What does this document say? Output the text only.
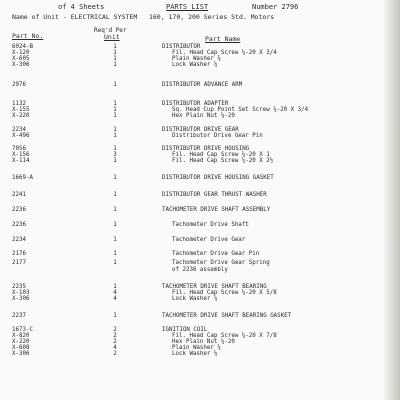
of 4 Sheets	PARTS LIST	Number 2796
Name of Unit - ELECTRICAL SYSTEM   160, 170, 200 Series Std. Motors
Part No.
Req'd Per
Unit	Part Name
6024-B	1	DISTRIBUTOR
X-120	1	Fil. Head Cap Screw ¼-20 X 3/4
X-605	1	Plain Washer ¼
X-306	1	Lock Washer ¼
2976	1	DISTRIBUTOR ADVANCE ARM
1132	1	DISTRIBUTOR ADAPTER
X-155	1	Sq. Head Cup Point Set Screw ¼-20 X 3/4
X-220	1	Hex Plain Nut ¼-20
2234	1	DISTRIBUTOR DRIVE GEAR
X-496	1	Distributor Drive Gear Pin
7056	1	DISTRIBUTOR DRIVE HOUSING
X-156	3	Fil. Head Cap Screw ¼-20 X 1
X-114	1	Fil. Head Cap Screw ¼-20 X 2½
1669-A	1	DISTRIBUTOR DRIVE HOUSING GASKET
2241	1	DISTRIBUTOR GEAR THRUST WASHER
2236	1	TACHOMETER DRIVE SHAFT ASSEMBLY
2236	1	Tachometer Drive Shaft
2234	1	Tachometer Drive Gear
2176	1	Tachometer Drive Gear Pin
2177	1	Tachometer Drive Gear Spring
of 2236 assembly
2235	1	TACHOMETER DRIVE SHAFT BEARING
X-103	4	Fil. Head Cap Screw ¼-20 X 5/8
X-306	4	Lock Washer ¼
2237	1	TACHOMETER DRIVE SHAFT BEARING GASKET
1673-C	2	IGNITION COIL
X-820	2	Fil. Head Cap Screw ¼-20 X 7/8
X-220	2	Hex Plain Nut ¼-20
X-608	4	Plain Washer ¼
X-306	2	Lock Washer ¼
